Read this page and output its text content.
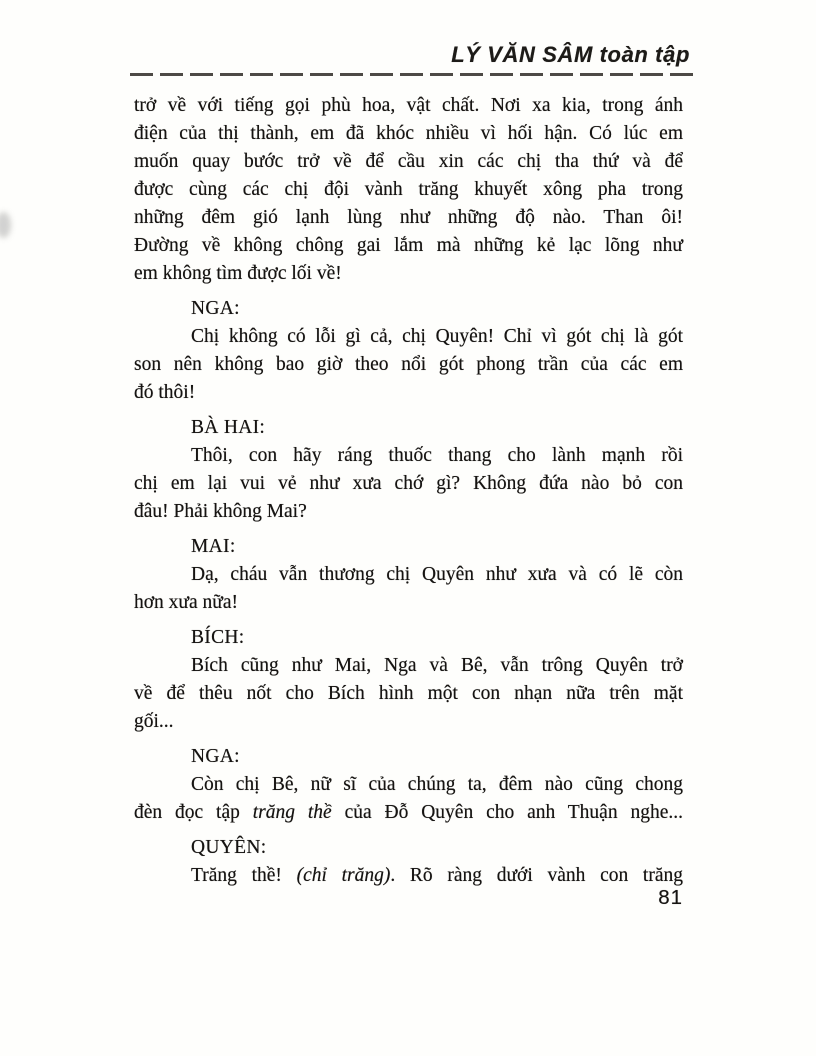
LÝ VĂN SÂM toàn tập
trở về với tiếng gọi phù hoa, vật chất. Nơi xa kia, trong ánh
điện của thị thành, em đã khóc nhiều vì hối hận. Có lúc em
muốn quay bước trở về để cầu xin các chị tha thứ và để
được cùng các chị đội vành trăng khuyết xông pha trong
những đêm gió lạnh lùng như những độ nào. Than ôi!
Đường về không chông gai lắm mà những kẻ lạc lõng như
em không tìm được lối về!
NGA:
Chị không có lỗi gì cả, chị Quyên! Chỉ vì gót chị là gót
son nên không bao giờ theo nổi gót phong trần của các em
đó thôi!
BÀ HAI:
Thôi, con hãy ráng thuốc thang cho lành mạnh rồi
chị em lại vui vẻ như xưa chớ gì? Không đứa nào bỏ con
đâu! Phải không Mai?
MAI:
Dạ, cháu vẫn thương chị Quyên như xưa và có lẽ còn
hơn xưa nữa!
BÍCH:
Bích cũng như Mai, Nga và Bê, vẫn trông Quyên trở
về để thêu nốt cho Bích hình một con nhạn nữa trên mặt
gối...
NGA:
Còn chị Bê, nữ sĩ của chúng ta, đêm nào cũng chong
đèn đọc tập trăng thề của Đỗ Quyên cho anh Thuận nghe...
QUYÊN:
Trăng thề! (chỉ trăng). Rõ ràng dưới vành con trăng
81
